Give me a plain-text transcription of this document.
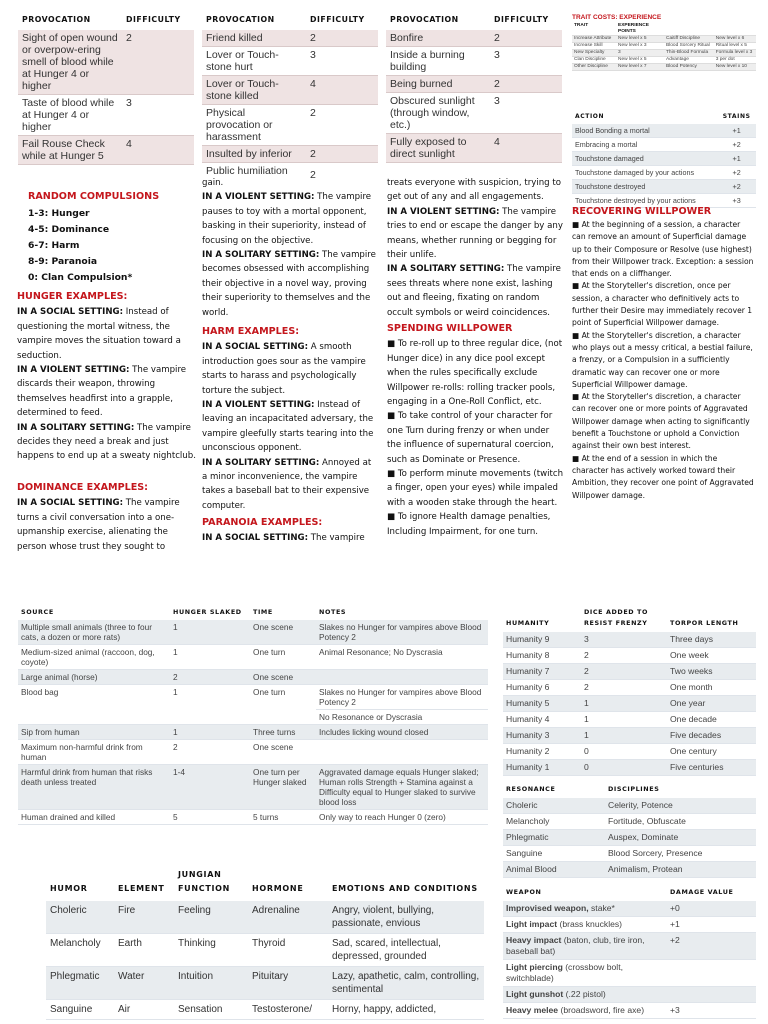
PROVOCATION	DIFFICULTY
Sight of open wound or overpow-ering smell of blood while at Hunger 4 or higher	2
Taste of blood while at Hunger 4 or higher	3
Fail Rouse Check while at Hunger 5	4
PROVOCATION	DIFFICULTY
Friend killed	2
Lover or Touch-stone hurt	3
Lover or Touch-stone killed	4
Physical provocation or harassment	2
Insulted by inferior	2
Public humiliation	2
PROVOCATION	DIFFICULTY
Bonfire	2
Inside a burning building	3
Being burned	2
Obscured sunlight (through window, etc.)	3
Fully exposed to direct sunlight	4
TRAIT COSTS: EXPERIENCE
TRAIT	EXPERIENCE POINTS		
Increase Attribute	New level x 5	Caitiff Discipline	New level x 6
Increase Skill	New level x 3	Blood Sorcery Ritual	Ritual level x 5
New Specialty	3	Thin-Blood Formula	Formula level x 3
Clan Discipline	New level x 5	Advantage	3 per dot
Other Discipline	New level x 7	Blood Potency	New level x 10
ACTION	STAINS
Blood Bonding a mortal	+1
Embracing a mortal	+2
Touchstone damaged	+1
Touchstone damaged by your actions	+2
Touchstone destroyed	+2
Touchstone destroyed by your actions	+3
RANDOM COMPULSIONS
1-3: Hunger
4-5: Dominance
6-7: Harm
8-9: Paranoia
0: Clan Compulsion*
HUNGER EXAMPLES:

IN A SOCIAL SETTING: Instead of questioning the mortal witness, the vampire moves the situation toward a seduction.

IN A VIOLENT SETTING: The vampire discards their weapon, throwing themselves headfirst into a grapple, determined to feed.

IN A SOLITARY SETTING: The vampire decides they need a break and just happens to end up at a sweaty nightclub.

DOMINANCE EXAMPLES:

IN A SOCIAL SETTING: The vampire turns a civil conversation into a one-upmanship exercise, alienating the person whose trust they sought to

gain.

IN A VIOLENT SETTING: The vampire pauses to toy with a mortal opponent, basking in their superiority, instead of focusing on the objective.

IN A SOLITARY SETTING: The vampire becomes obsessed with accomplishing their objective in a novel way, proving their superiority to themselves and the world.

HARM EXAMPLES:

IN A SOCIAL SETTING: A smooth introduction goes sour as the vampire starts to harass and psychologically torture the subject.

IN A VIOLENT SETTING: Instead of leaving an incapacitated adversary, the vampire gleefully starts tearing into the unconscious opponent.

IN A SOLITARY SETTING: Annoyed at a minor inconvenience, the vampire takes a baseball bat to their expensive computer.

PARANOIA EXAMPLES:

IN A SOCIAL SETTING: The vampire

treats everyone with suspicion, trying to get out of any and all engagements.

IN A VIOLENT SETTING: The vampire tries to end or escape the danger by any means, whether running or begging for their unlife.

IN A SOLITARY SETTING: The vampire sees threats where none exist, lashing out and fleeing, fixating on random occult symbols or weird coincidences.

SPENDING WILLPOWER

■ To re-roll up to three regular dice, (not Hunger dice) in any dice pool except when the rules specifically exclude Willpower re-rolls: rolling tracker pools, engaging in a One-Roll Conflict, etc.

■ To take control of your character for one Turn during frenzy or when under the influence of supernatural coercion, such as Dominate or Presence.

■ To perform minute movements (twitch a finger, open your eyes) while impaled with a wooden stake through the heart.

■ To ignore Health damage penalties, Including Impairment, for one turn.

RECOVERING WILLPOWER

■ At the beginning of a session, a character can remove an amount of Superficial damage up to their Composure or Resolve (use highest) from their Willpower track. Exception: a session that ends on a cliffhanger.

■ At the Storyteller's discretion, once per session, a character who definitively acts to further their Desire may immediately recover 1 point of Superficial Willpower damage.

■ At the Storyteller's discretion, a character who plays out a messy critical, a bestial failure, a frenzy, or a Compulsion in a sufficiently dramatic way can recover one or more Superficial Willpower damage.

■ At the Storyteller's discretion, a character can recover one or more points of Aggravated Willpower damage when acting to significantly benefit a Touchstone or uphold a Conviction against their own best interest.

■ At the end of a session in which the character has actively worked toward their Ambition, they recover one point of Aggravated Willpower damage.

SOURCE	HUNGER SLAKED	TIME	NOTES
Multiple small animals (three to four cats, a dozen or more rats)	1	One scene	Slakes no Hunger for vampires above Blood Potency 2
Medium-sized animal (raccoon, dog, coyote)	1	One turn	Animal Resonance; No Dyscrasia
Large animal (horse)	2	One scene	
Blood bag	1	One turn	Slakes no Hunger for vampires above Blood Potency 2
			No Resonance or Dyscrasia
Sip from human	1	Three turns	Includes licking wound closed
Maximum non-harmful drink from human	2	One scene	
Harmful drink from human that risks death unless treated	1-4	One turn per Hunger slaked	Aggravated damage equals Hunger slaked; Human rolls Strength + Stamina against a Difficulty equal to Hunger slaked to survive blood loss
Human drained and killed	5	5 turns	Only way to reach Hunger 0 (zero)
HUMANITY	DICE ADDED TO RESIST FRENZY	TORPOR LENGTH
Humanity 9	3	Three days
Humanity 8	2	One week
Humanity 7	2	Two weeks
Humanity 6	2	One month
Humanity 5	1	One year
Humanity 4	1	One decade
Humanity 3	1	Five decades
Humanity 2	0	One century
Humanity 1	0	Five centuries
RESONANCE	DISCIPLINES
Choleric	Celerity, Potence
Melancholy	Fortitude, Obfuscate
Phlegmatic	Auspex, Dominate
Sanguine	Blood Sorcery, Presence
Animal Blood	Animalism, Protean
HUMOR	ELEMENT	JUNGIAN FUNCTION	HORMONE	EMOTIONS AND CONDITIONS
Choleric	Fire	Feeling	Adrenaline	Angry, violent, bullying, passionate, envious
Melancholy	Earth	Thinking	Thyroid	Sad, scared, intellectual, depressed, grounded
Phlegmatic	Water	Intuition	Pituitary	Lazy, apathetic, calm, controlling, sentimental
Sanguine	Air	Sensation	Testosterone/	Horny, happy, addicted,
WEAPON	DAMAGE VALUE
Improvised weapon, stake*	+0
Light impact (brass knuckles)	+1
Heavy impact (baton, club, tire iron, baseball bat)	+2
Light piercing (crossbow bolt, switchblade)	
Light gunshot (.22 pistol)	
Heavy melee (broadsword, fire axe)	+3
